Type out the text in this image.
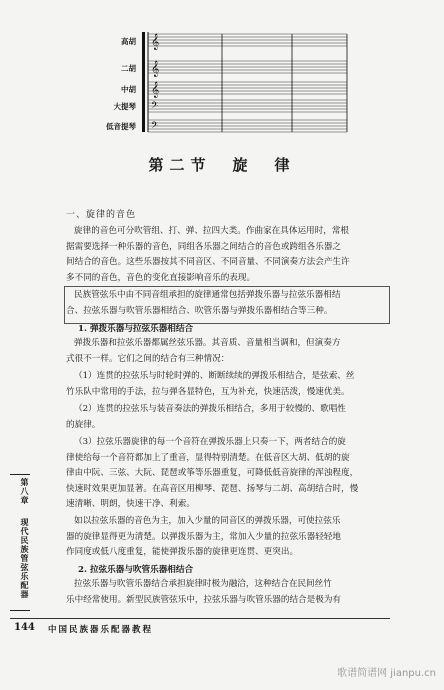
高胡
二胡
中胡
大提琴
低音提琴
𝄞
𝄞
𝄞
𝄢
𝄢
第二节　旋　律
一、旋律的音色
旋律的音色可分吹管组、打、弹、拉四大类。作曲家在具体运用时，常根
据需要选择一种乐器的音色，同组各乐器之间结合的音色或跨组各乐器之
间结合的音色。这些乐器按其不同音区、不同音量、不同演奏方法会产生许
多不同的音色，音色的变化直接影响音乐的表现。
民族管弦乐中由不同音组承担的旋律通常包括弹拨乐器与拉弦乐器相结
合、拉弦乐器与吹管乐器相结合、吹管乐器与弹拨乐器相结合等三种。
1. 弹拨乐器与拉弦乐器相结合
弹拨乐器和拉弦乐器都属丝弦乐器。其音质、音量相当调和，但演奏方
式很不一样。它们之间的结合有三种情况：
（1）连贯的拉弦乐与时轮时弹的、断断续续的弹拨乐相结合，是弦索、丝
竹乐队中常用的手法，拉与弹各显特色，互为补充，快速活泼，慢速优美。
（2）连贯的拉弦乐与装音奏法的弹拨乐相结合，多用于较慢的、歌唱性
的旋律。
（3）拉弦乐器旋律的每一个音符在弹拨乐器上只奏一下，两者结合的旋
律使给每一个音符都加上了重音，显得特别清楚。在低音区大胡、低胡的旋
律由中阮、三弦、大阮、琵琶或筝等乐器重复，可降低低音旋律的浑浊程度，
快速时效果更加显著。在高音区用柳琴、琵琶、扬琴与二胡、高胡结合时，慢
速清晰、明朗，快速干净、利索。
如以拉弦乐器的音色为主，加入少量的同音区的弹拨乐器，可使拉弦乐
器的旋律显得更为清楚。以弹拨乐器为主，常加入少量的拉弦乐器轻轻地
作同度或低八度重复，能使弹拨乐器的旋律更连贯、更突出。
2. 拉弦乐器与吹管乐器相结合
拉弦乐器与吹管乐器结合承担旋律时极为融洽，这种结合在民间丝竹
乐中经常使用。新型民族管弦乐中，拉弦乐器与吹管乐器的结合是极为有
第八章
现代民族管弦乐配器
144 中国民族器乐配器教程
歌谱简谱网 jianpu.cn
